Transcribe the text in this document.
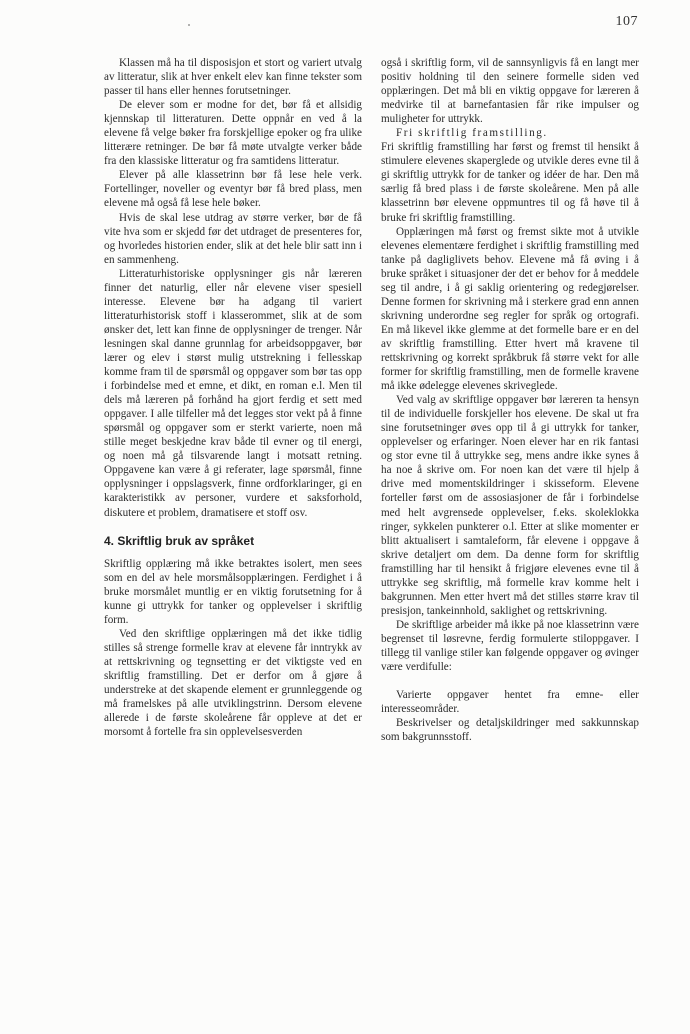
107

Klassen må ha til disposisjon et stort og variert utvalg av litteratur, slik at hver enkelt elev kan finne tekster som passer til hans eller hennes forutsetninger.

De elever som er modne for det, bør få et allsidig kjennskap til litteraturen. Dette oppnår en ved å la elevene få velge bøker fra forskjellige epoker og fra ulike litterære retninger. De bør få møte utvalgte verker både fra den klassiske litteratur og fra samtidens litteratur.

Elever på alle klassetrinn bør få lese hele verk. Fortellinger, noveller og eventyr bør få bred plass, men elevene må også få lese hele bøker.

Hvis de skal lese utdrag av større verker, bør de få vite hva som er skjedd før det utdraget de presenteres for, og hvorledes historien ender, slik at det hele blir satt inn i en sammenheng.

Litteraturhistoriske opplysninger gis når læreren finner det naturlig, eller når elevene viser spesiell interesse. Elevene bør ha adgang til variert litteraturhistorisk stoff i klasserommet, slik at de som ønsker det, lett kan finne de opplysninger de trenger. Når lesningen skal danne grunnlag for arbeidsoppgaver, bør lærer og elev i størst mulig utstrekning i fellesskap komme fram til de spørsmål og oppgaver som bør tas opp i forbindelse med et emne, et dikt, en roman e.l. Men til dels må læreren på forhånd ha gjort ferdig et sett med oppgaver. I alle tilfeller må det legges stor vekt på å finne spørsmål og oppgaver som er sterkt varierte, noen må stille meget beskjedne krav både til evner og til energi, og noen må gå tilsvarende langt i motsatt retning. Oppgavene kan være å gi referater, lage spørsmål, finne opplysninger i oppslagsverk, finne ordforklaringer, gi en karakteristikk av personer, vurdere et saksforhold, diskutere et problem, dramatisere et stoff osv.

4. Skriftlig bruk av språket

Skriftlig opplæring må ikke betraktes isolert, men sees som en del av hele morsmålsopplæringen. Ferdighet i å bruke morsmålet muntlig er en viktig forutsetning for å kunne gi uttrykk for tanker og opplevelser i skriftlig form.

Ved den skriftlige opplæringen må det ikke tidlig stilles så strenge formelle krav at elevene får inntrykk av at rettskrivning og tegnsetting er det viktigste ved en skriftlig framstilling. Det er derfor om å gjøre å understreke at det skapende element er grunnleggende og må framelskes på alle utviklingstrinn. Dersom elevene allerede i de første skoleårene får oppleve at det er morsomt å fortelle fra sin opplevelsesverden

også i skriftlig form, vil de sannsynligvis få en langt mer positiv holdning til den seinere formelle siden ved opplæringen. Det må bli en viktig oppgave for læreren å medvirke til at barnefantasien får rike impulser og muligheter for uttrykk.

Fri skriftlig framstilling.

Fri skriftlig framstilling har først og fremst til hensikt å stimulere elevenes skaperglede og utvikle deres evne til å gi skriftlig uttrykk for de tanker og idéer de har. Den må særlig få bred plass i de første skoleårene. Men på alle klassetrinn bør elevene oppmuntres til og få høve til å bruke fri skriftlig framstilling.

Opplæringen må først og fremst sikte mot å utvikle elevenes elementære ferdighet i skriftlig framstilling med tanke på dagliglivets behov. Elevene må få øving i å bruke språket i situasjoner der det er behov for å meddele seg til andre, i å gi saklig orientering og redegjørelser. Denne formen for skrivning må i sterkere grad enn annen skrivning underordne seg regler for språk og ortografi. En må likevel ikke glemme at det formelle bare er en del av skriftlig framstilling. Etter hvert må kravene til rettskrivning og korrekt språkbruk få større vekt for alle former for skriftlig framstilling, men de formelle kravene må ikke ødelegge elevenes skriveglede.

Ved valg av skriftlige oppgaver bør læreren ta hensyn til de individuelle forskjeller hos elevene. De skal ut fra sine forutsetninger øves opp til å gi uttrykk for tanker, opplevelser og erfaringer. Noen elever har en rik fantasi og stor evne til å uttrykke seg, mens andre ikke synes å ha noe å skrive om. For noen kan det være til hjelp å drive med momentskildringer i skisseform. Elevene forteller først om de assosiasjoner de får i forbindelse med helt avgrensede opplevelser, f.eks. skoleklokka ringer, sykkelen punkterer o.l. Etter at slike momenter er blitt aktualisert i samtaleform, får elevene i oppgave å skrive detaljert om dem. Da denne form for skriftlig framstilling har til hensikt å frigjøre elevenes evne til å uttrykke seg skriftlig, må formelle krav komme helt i bakgrunnen. Men etter hvert må det stilles større krav til presisjon, tankeinnhold, saklighet og rettskrivning.

De skriftlige arbeider må ikke på noe klassetrinn være begrenset til løsrevne, ferdig formulerte stiloppgaver. I tillegg til vanlige stiler kan følgende oppgaver og øvinger være verdifulle:

Varierte oppgaver hentet fra emne- eller interesseområder.

Beskrivelser og detaljskildringer med sakkunnskap som bakgrunnsstoff.
